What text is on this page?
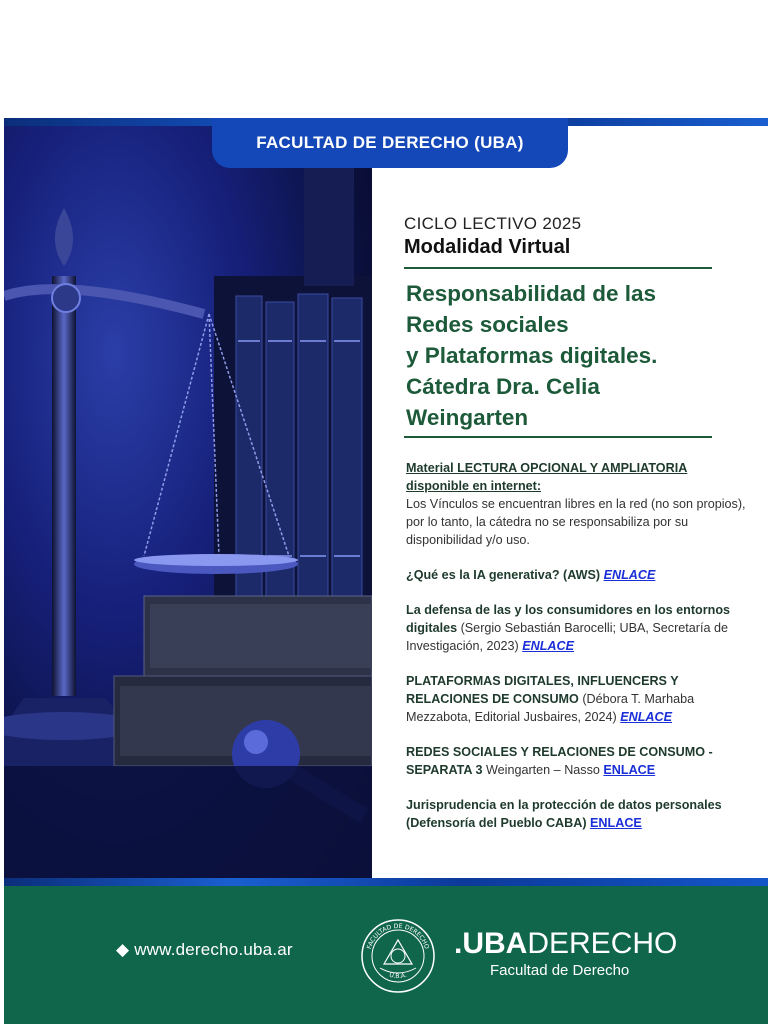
CICLO LECTIVO 2025
Modalidad Virtual
Responsabilidad de las
Redes sociales
y Plataformas digitales.
Cátedra Dra. Celia
Weingarten

Material LECTURA OPCIONAL Y AMPLIATORIA disponible en internet:

Los Vínculos se encuentran libres en la red (no son propios), por lo tanto, la cátedra no se responsabiliza por su disponibilidad y/o uso.

¿Qué es la IA generativa? (AWS) ENLACE
La defensa de las y los consumidores en los entornos digitales (Sergio Sebastián Barocelli; UBA, Secretaría de Investigación, 2023) ENLACE
PLATAFORMAS DIGITALES, INFLUENCERS Y RELACIONES DE CONSUMO (Débora T. Marhaba Mezzabota, Editorial Jusbaires, 2024) ENLACE
REDES SOCIALES Y RELACIONES DE CONSUMO - SEPARATA 3 Weingarten – Nasso ENLACE
Jurisprudencia en la protección de datos personales (Defensoría del Pueblo CABA) ENLACE
FACULTAD DE DERECHO (UBA)
◆ www.derecho.uba.ar	FACULTAD DE DERECHO
U.B.A.
.UBADERECHO
Facultad de Derecho
